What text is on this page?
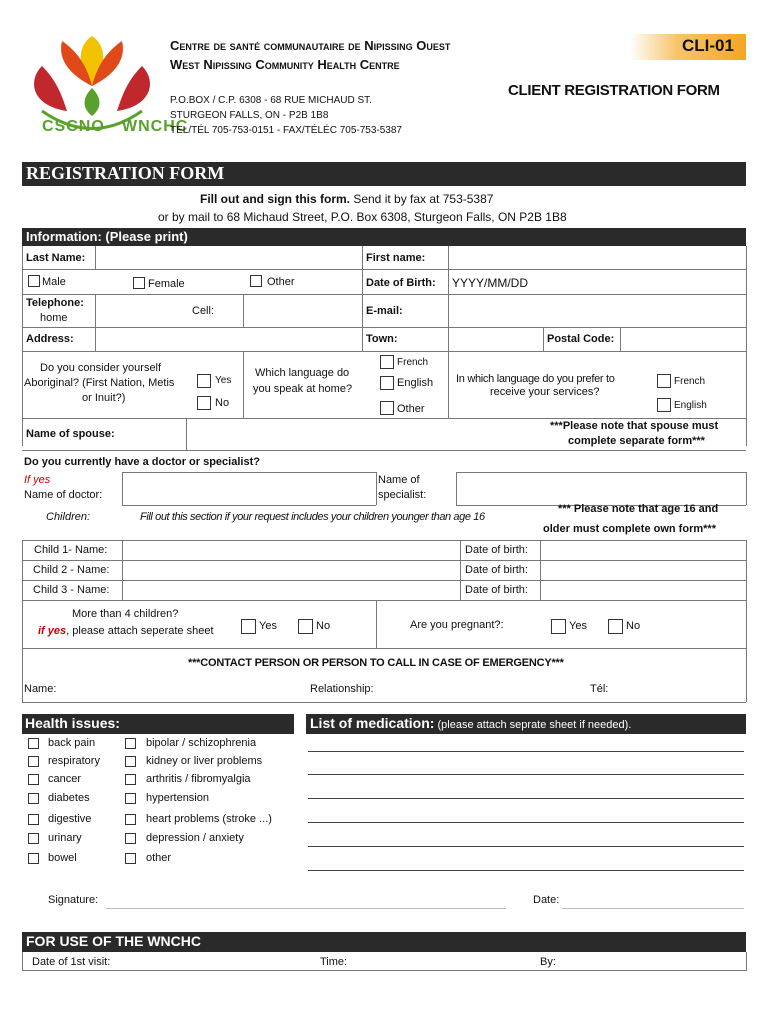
CSCNO · WNCHC
Centre de santé communautaire de Nipissing Ouest
West Nipissing Community Health Centre
P.O.BOX / C.P. 6308 - 68 RUE MICHAUD ST.
STURGEON FALLS, ON - P2B 1B8
TEL/TÉL 705-753-0151 - FAX/TÉLÉC 705-753-5387
CLI-01
CLIENT REGISTRATION FORM
REGISTRATION FORM
Fill out and sign this form. Send it by fax at 753-5387
or by mail to 68 Michaud Street, P.O. Box 6308, Sturgeon Falls, ON P2B 1B8
Information: (Please print)
Last Name:	First name:
Male	Female	Other	Date of Birth: YYYY/MM/DD
Telephone:
home
Cell:	E-mail:
Address:	Town:	Postal Code:
Do you consider yourself
Aboriginal? (First Nation, Metis
or Inuit?)
Yes
No
Which language do
you speak at home?
French
English
Other
In which language do you prefer to
receive your services?
French
English
Name of spouse:
***Please note that spouse must
complete separate form***
Do you currently have a doctor or specialist?
If yes
Name of doctor:
Name of
specialist:
Children:	Fill out this section if your request includes your children younger than age 16
*** Please note that age 16 and
older must complete own form***
Child 1- Name:	Date of birth:
Child 2 - Name:	Date of birth:
Child 3 - Name:	Date of birth:
More than 4 children?
if yes, please attach seperate sheet	Yes	No	Are you pregnant?:	Yes	No
***CONTACT PERSON OR PERSON TO CALL IN CASE OF EMERGENCY***
Name:	Relationship:	Tél:
Health issues:	List of medication: (please attach seprate sheet if needed).
back pain
respiratory
cancer
diabetes
digestive
urinary
bowel
bipolar / schizophrenia
kidney or liver problems
arthritis / fibromyalgia
hypertension
heart problems (stroke ...)
depression / anxiety
other
Signature:	Date:
FOR USE OF THE WNCHC
Date of 1st visit:	Time:	By:
